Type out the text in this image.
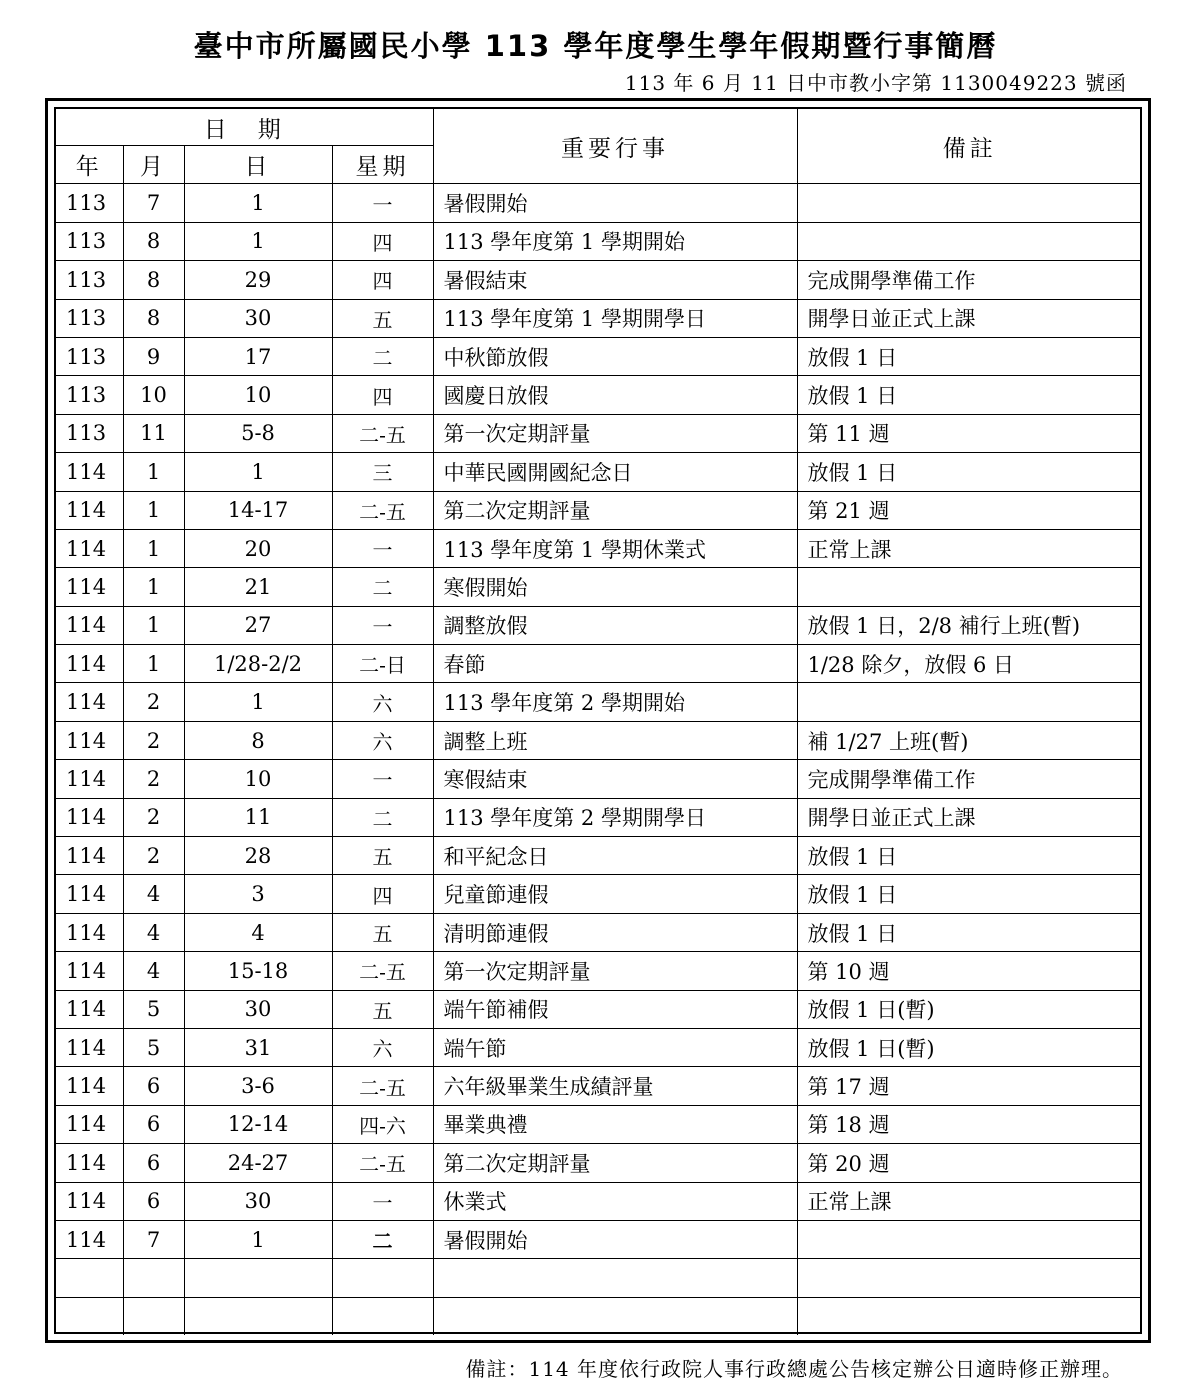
臺中市所屬國民小學 113 學年度學生學年假期暨行事簡曆
113 年 6 月 11 日中市教小字第 1130049223 號函
日　期				重要行事	備註
年	月	日	星期		
113	7	1	一	暑假開始	
113	8	1	四	113 學年度第 1 學期開始	
113	8	29	四	暑假結束	完成開學準備工作
113	8	30	五	113 學年度第 1 學期開學日	開學日並正式上課
113	9	17	二	中秋節放假	放假 1 日
113	10	10	四	國慶日放假	放假 1 日
113	11	5-8	二-五	第一次定期評量	第 11 週
114	1	1	三	中華民國開國紀念日	放假 1 日
114	1	14-17	二-五	第二次定期評量	第 21 週
114	1	20	一	113 學年度第 1 學期休業式	正常上課
114	1	21	二	寒假開始	
114	1	27	一	調整放假	放假 1 日，2/8 補行上班(暫)
114	1	1/28-2/2	二-日	春節	1/28 除夕，放假 6 日
114	2	1	六	113 學年度第 2 學期開始	
114	2	8	六	調整上班	補 1/27 上班(暫)
114	2	10	一	寒假結束	完成開學準備工作
114	2	11	二	113 學年度第 2 學期開學日	開學日並正式上課
114	2	28	五	和平紀念日	放假 1 日
114	4	3	四	兒童節連假	放假 1 日
114	4	4	五	清明節連假	放假 1 日
114	4	15-18	二-五	第一次定期評量	第 10 週
114	5	30	五	端午節補假	放假 1 日(暫)
114	5	31	六	端午節	放假 1 日(暫)
114	6	3-6	二-五	六年級畢業生成績評量	第 17 週
114	6	12-14	四-六	畢業典禮	第 18 週
114	6	24-27	二-五	第二次定期評量	第 20 週
114	6	30	一	休業式	正常上課
114	7	1	二	暑假開始	

備註：114 年度依行政院人事行政總處公告核定辦公日適時修正辦理。
